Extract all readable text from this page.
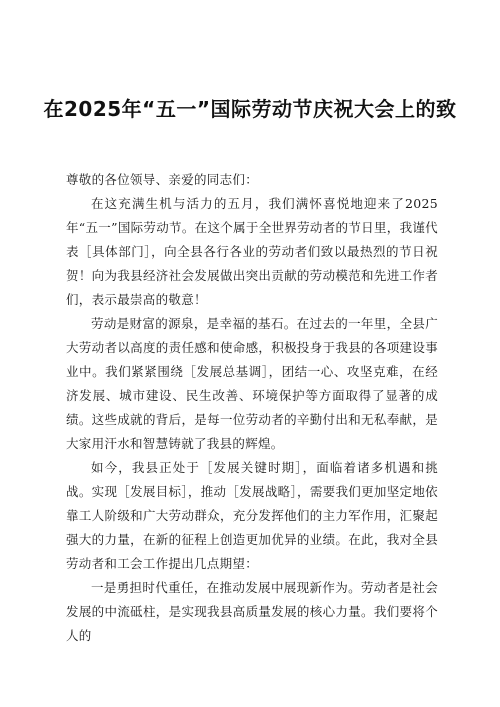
在2025年“五一”国际劳动节庆祝大会上的致

尊敬的各位领导、亲爱的同志们：

在这充满生机与活力的五月，我们满怀喜悦地迎来了2025年“五一”国际劳动节。在这个属于全世界劳动者的节日里，我谨代表［具体部门］，向全县各行各业的劳动者们致以最热烈的节日祝贺！向为我县经济社会发展做出突出贡献的劳动模范和先进工作者们，表示最崇高的敬意！

劳动是财富的源泉，是幸福的基石。在过去的一年里，全县广大劳动者以高度的责任感和使命感，积极投身于我县的各项建设事业中。我们紧紧围绕［发展总基调］，团结一心、攻坚克难，在经济发展、城市建设、民生改善、环境保护等方面取得了显著的成绩。这些成就的背后，是每一位劳动者的辛勤付出和无私奉献，是大家用汗水和智慧铸就了我县的辉煌。

如今，我县正处于［发展关键时期］，面临着诸多机遇和挑战。实现［发展目标］，推动［发展战略］，需要我们更加坚定地依靠工人阶级和广大劳动群众，充分发挥他们的主力军作用，汇聚起强大的力量，在新的征程上创造更加优异的业绩。在此，我对全县劳动者和工会工作提出几点期望：

一是勇担时代重任，在推动发展中展现新作为。劳动者是社会发展的中流砥柱，是实现我县高质量发展的核心力量。我们要将个人的
